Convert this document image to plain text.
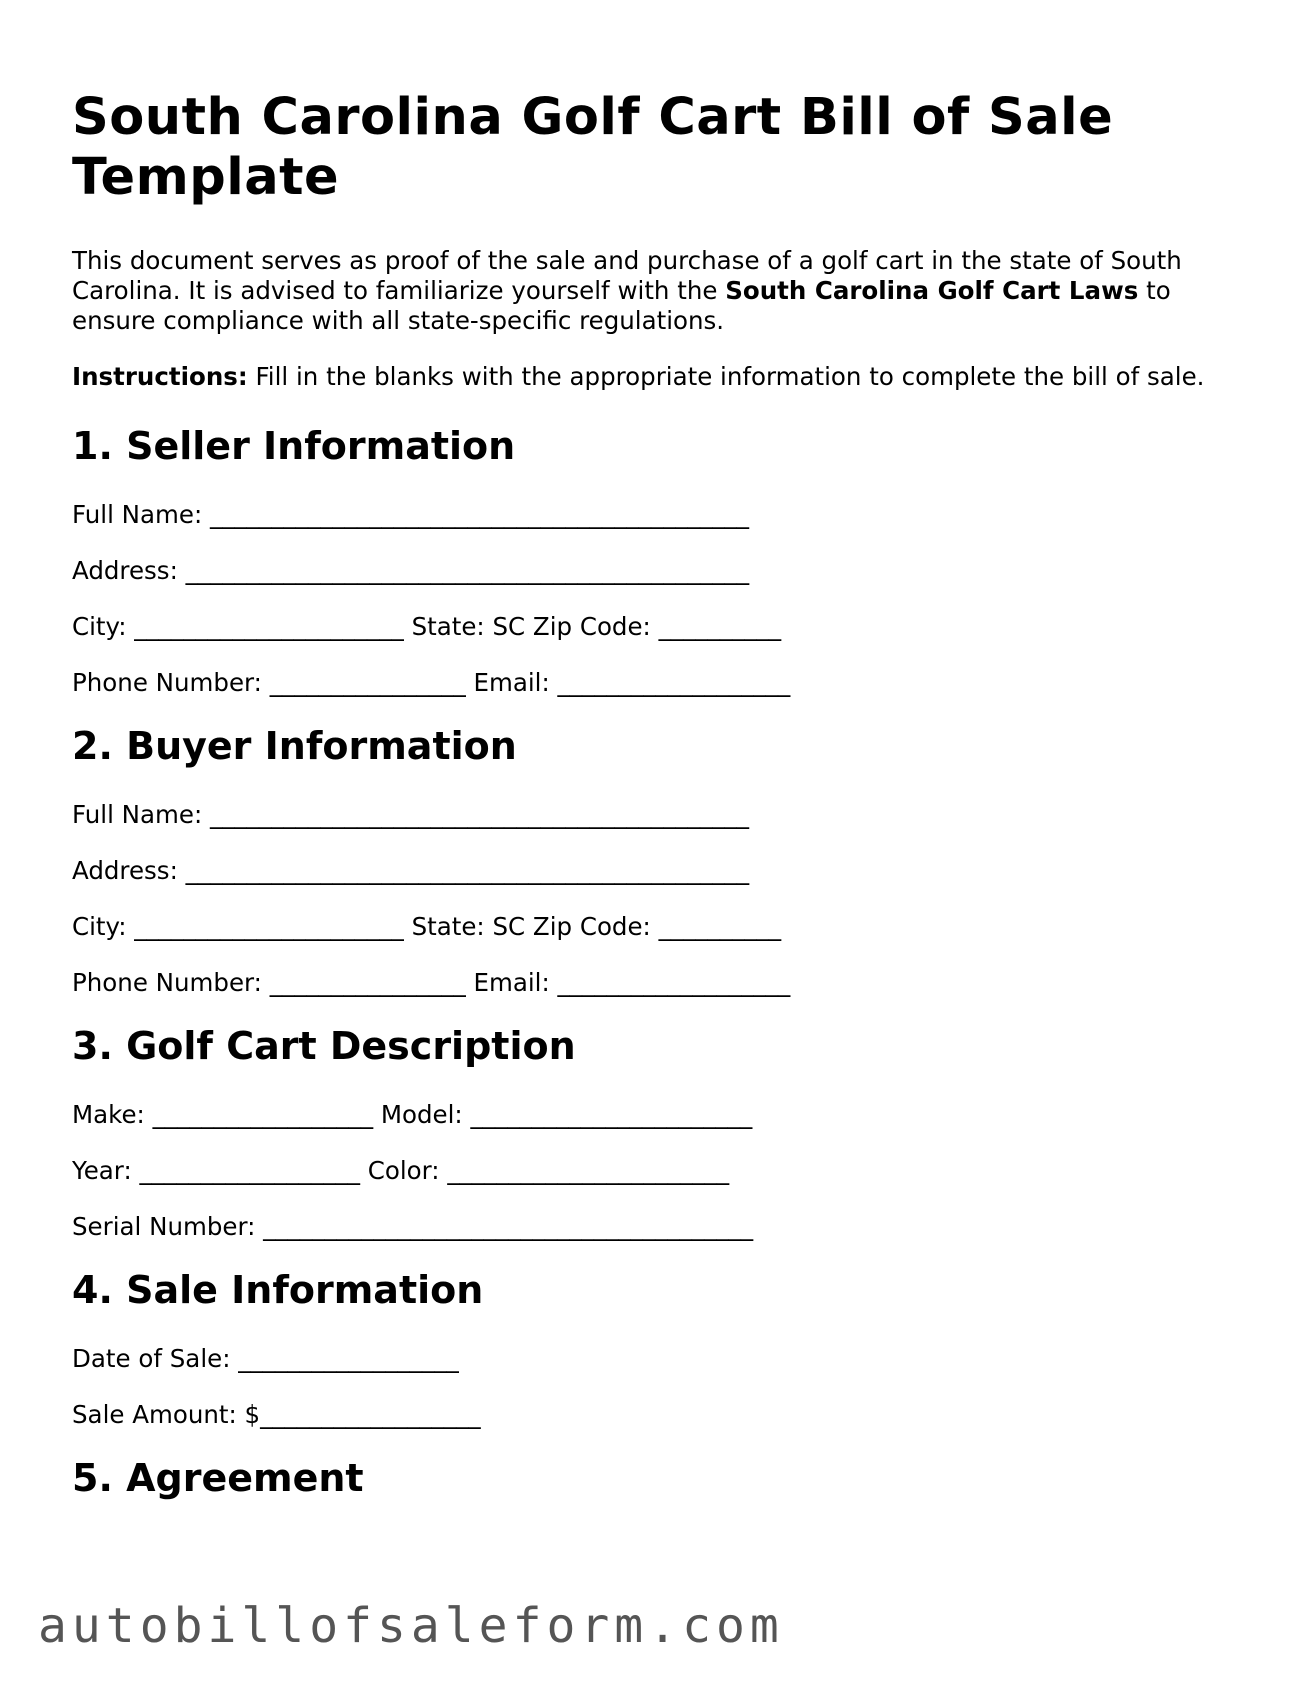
South Carolina Golf Cart Bill of Sale Template

This document serves as proof of the sale and purchase of a golf cart in the state of South Carolina. It is advised to familiarize yourself with the South Carolina Golf Cart Laws to ensure compliance with all state-specific regulations.

Instructions: Fill in the blanks with the appropriate information to complete the bill of sale.

1. Seller Information
Full Name: ____________________________________________
Address: ______________________________________________
City: ______________________ State: SC Zip Code: __________
Phone Number: ________________ Email: ___________________
2. Buyer Information
Full Name: ____________________________________________
Address: ______________________________________________
City: ______________________ State: SC Zip Code: __________
Phone Number: ________________ Email: ___________________
3. Golf Cart Description
Make: __________________ Model: _______________________
Year: __________________ Color: _______________________
Serial Number: ________________________________________
4. Sale Information
Date of Sale: __________________
Sale Amount: $__________________
5. Agreement
autobillofsaleform.com
